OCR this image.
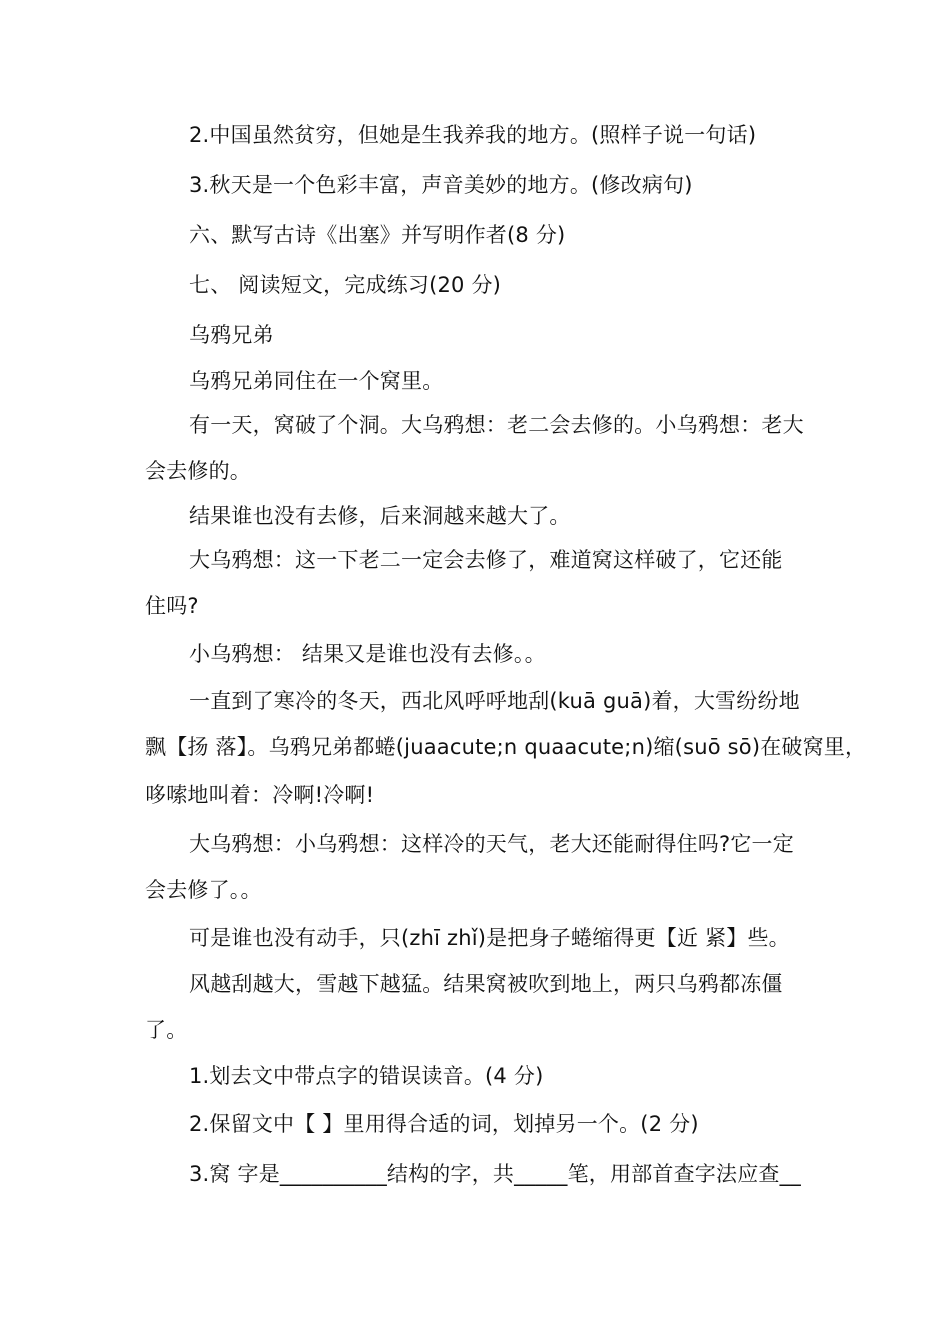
2.中国虽然贫穷，但她是生我养我的地方。(照样子说一句话)
3.秋天是一个色彩丰富，声音美妙的地方。(修改病句)
六、默写古诗《出塞》并写明作者(8 分)
七、 阅读短文，完成练习(20 分)
乌鸦兄弟
乌鸦兄弟同住在一个窝里。
有一天，窝破了个洞。大乌鸦想：老二会去修的。小乌鸦想：老大
会去修的。
结果谁也没有去修，后来洞越来越大了。
大乌鸦想：这一下老二一定会去修了，难道窝这样破了，它还能
住吗?
小乌鸦想： 结果又是谁也没有去修。。
一直到了寒冷的冬天，西北风呼呼地刮(kuā guā)着，大雪纷纷地
飘【扬 落】。乌鸦兄弟都蜷(juaacute;n quaacute;n)缩(suō sō)在破窝里，
哆嗦地叫着：冷啊!冷啊!
大乌鸦想：小乌鸦想：这样冷的天气，老大还能耐得住吗?它一定
会去修了。。
可是谁也没有动手，只(zhī zhǐ)是把身子蜷缩得更【近 紧】些。
风越刮越大，雪越下越猛。结果窝被吹到地上，两只乌鸦都冻僵
了。
1.划去文中带点字的错误读音。(4 分)
2.保留文中【 】里用得合适的词，划掉另一个。(2 分)
3.窝 字是__________结构的字，共_____笔，用部首查字法应查__
